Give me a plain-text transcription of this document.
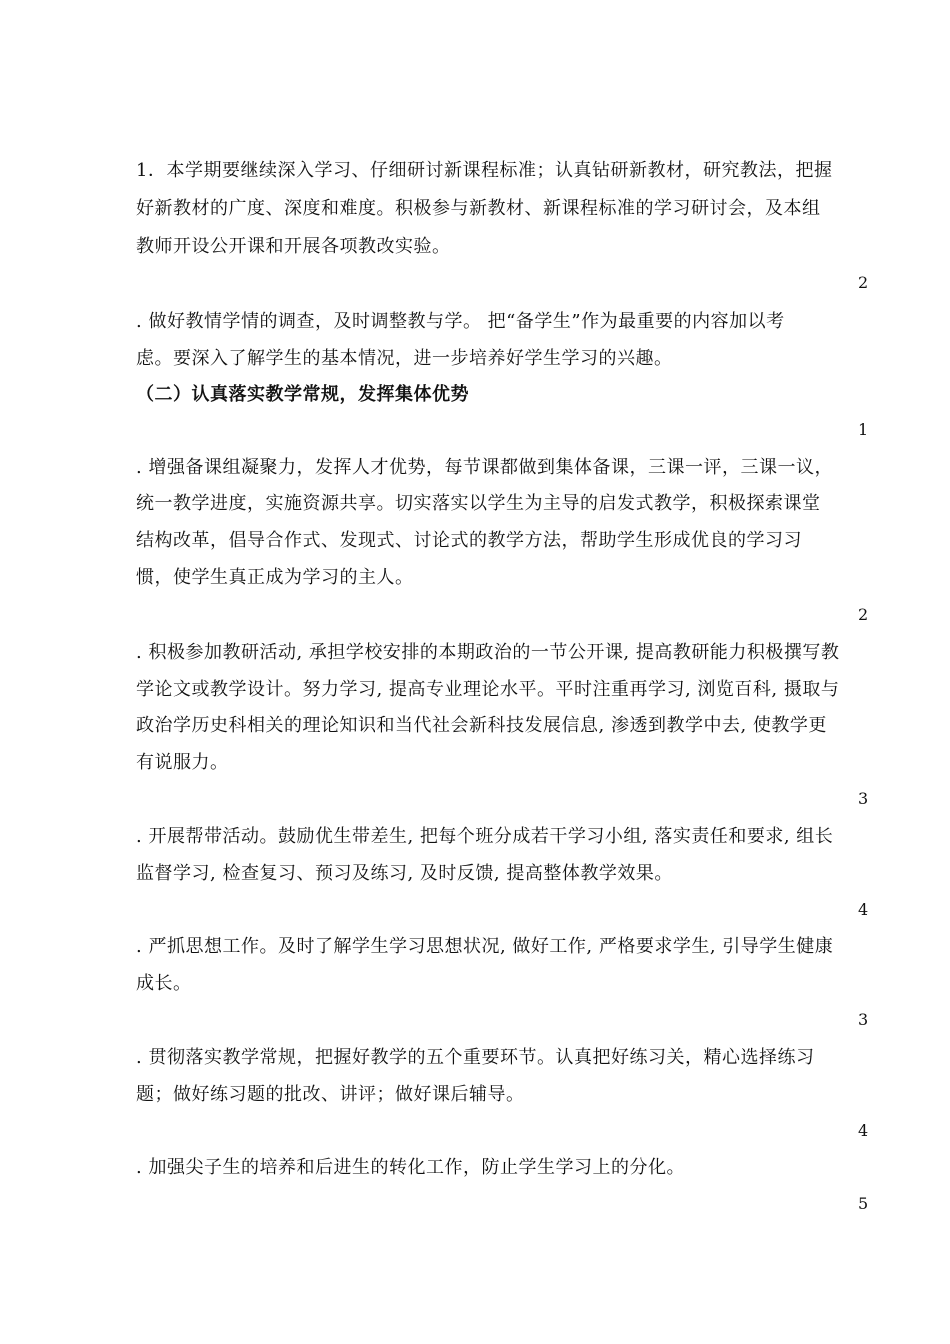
1．本学期要继续深入学习、仔细研讨新课程标准；认真钻研新教材，研究教法，把握
好新教材的广度、深度和难度。积极参与新教材、新课程标准的学习研讨会，及本组
教师开设公开课和开展各项教改实验。
2
. 做好教情学情的调查，及时调整教与学。 把“备学生”作为最重要的内容加以考
虑。要深入了解学生的基本情况，进一步培养好学生学习的兴趣。
（二）认真落实教学常规，发挥集体优势
1
. 增强备课组凝聚力，发挥人才优势，每节课都做到集体备课，三课一评，三课一议，
统一教学进度，实施资源共享。切实落实以学生为主导的启发式教学，积极探索课堂
结构改革，倡导合作式、发现式、讨论式的教学方法，帮助学生形成优良的学习习
惯，使学生真正成为学习的主人。
2
. 积极参加教研活动, 承担学校安排的本期政治的一节公开课, 提高教研能力积极撰写教
学论文或教学设计。努力学习, 提高专业理论水平。平时注重再学习, 浏览百科, 摄取与
政治学历史科相关的理论知识和当代社会新科技发展信息, 渗透到教学中去, 使教学更
有说服力。
3
. 开展帮带活动。鼓励优生带差生, 把每个班分成若干学习小组, 落实责任和要求, 组长
监督学习, 检查复习、预习及练习, 及时反馈, 提高整体教学效果。
4
. 严抓思想工作。及时了解学生学习思想状况, 做好工作, 严格要求学生, 引导学生健康
成长。
3
. 贯彻落实教学常规，把握好教学的五个重要环节。认真把好练习关，精心选择练习
题；做好练习题的批改、讲评；做好课后辅导。
4
. 加强尖子生的培养和后进生的转化工作，防止学生学习上的分化。
5
